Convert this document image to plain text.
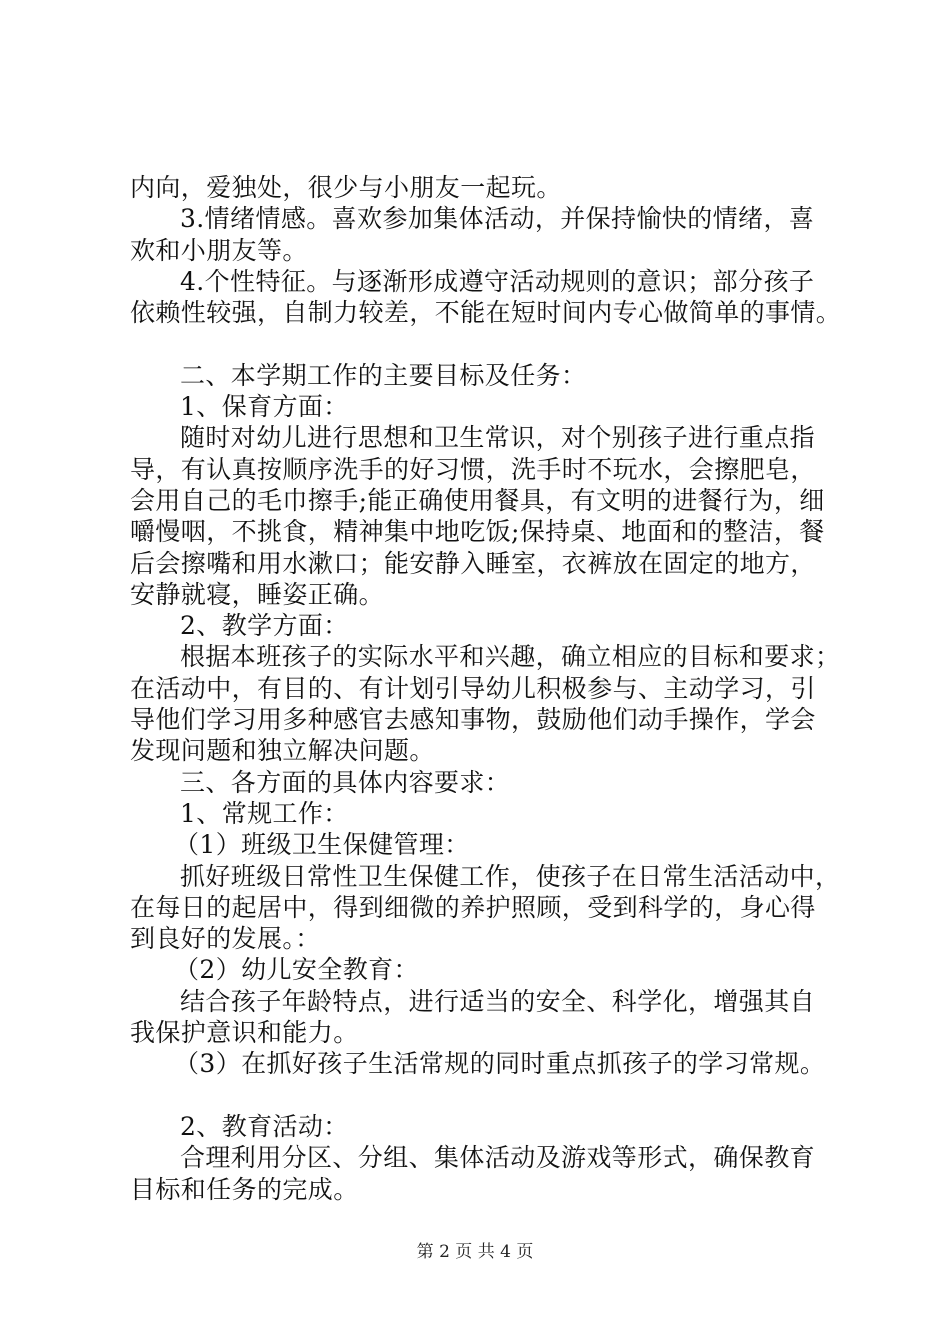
内向，爱独处，很少与小朋友一起玩。
3.情绪情感。喜欢参加集体活动，并保持愉快的情绪，喜
欢和小朋友等。
4.个性特征。与逐渐形成遵守活动规则的意识；部分孩子
依赖性较强，自制力较差，不能在短时间内专心做简单的事情。
二、本学期工作的主要目标及任务：
1、保育方面：
随时对幼儿进行思想和卫生常识，对个别孩子进行重点指
导，有认真按顺序洗手的好习惯，洗手时不玩水，会擦肥皂，
会用自己的毛巾擦手;能正确使用餐具，有文明的进餐行为，细
嚼慢咽，不挑食，精神集中地吃饭;保持桌、地面和的整洁，餐
后会擦嘴和用水漱口；能安静入睡室，衣裤放在固定的地方，
安静就寝，睡姿正确。
2、教学方面：
根据本班孩子的实际水平和兴趣，确立相应的目标和要求；
在活动中，有目的、有计划引导幼儿积极参与、主动学习，引
导他们学习用多种感官去感知事物，鼓励他们动手操作，学会
发现问题和独立解决问题。
三、各方面的具体内容要求：
1、常规工作：
（1）班级卫生保健管理：
抓好班级日常性卫生保健工作，使孩子在日常生活活动中，
在每日的起居中，得到细微的养护照顾，受到科学的，身心得
到良好的发展。：
（2）幼儿安全教育：
结合孩子年龄特点，进行适当的安全、科学化，增强其自
我保护意识和能力。
（3）在抓好孩子生活常规的同时重点抓孩子的学习常规。
2、教育活动：
合理利用分区、分组、集体活动及游戏等形式，确保教育
目标和任务的完成。
第 2 页 共 4 页
